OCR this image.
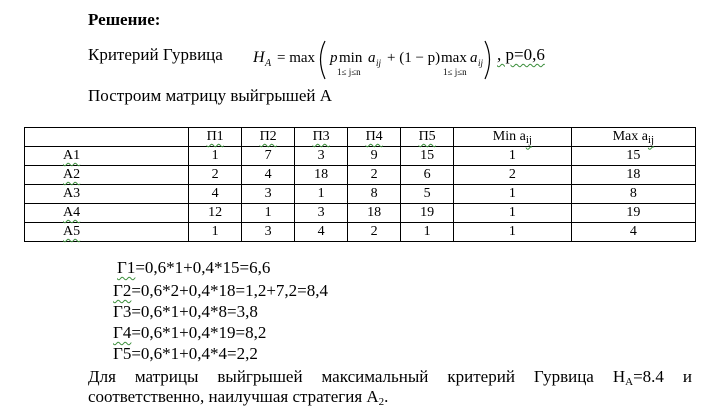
Решение:
Критерий Гурвица H A = max p min
1≤ j≤n
a ij + (1 − p) max
1≤ j≤n
a ij , p=0,6
Построим матрицу выйгрышей А
	П1	П2	П3	П4	П5	Min $a_{ij}$	Max $a_{ij}$
А1	1	7	3	9	15	1	15
А2	2	4	18	2	6	2	18
А3	4	3	1	8	5	1	8
А4	12	1	3	18	19	1	19
А5	1	3	4	2	1	1	4
Г1=0,6*1+0,4*15=6,6
Г2=0,6*2+0,4*18=1,2+7,2=8,4
Г3=0,6*1+0,4*8=3,8
Г4=0,6*1+0,4*19=8,2
Г5=0,6*1+0,4*4=2,2
Для матрицы выйгрышей максимальный критерий Гурвица $Н_A=8.4$ и
соответственно, наилучшая стратегия $А_2$.
